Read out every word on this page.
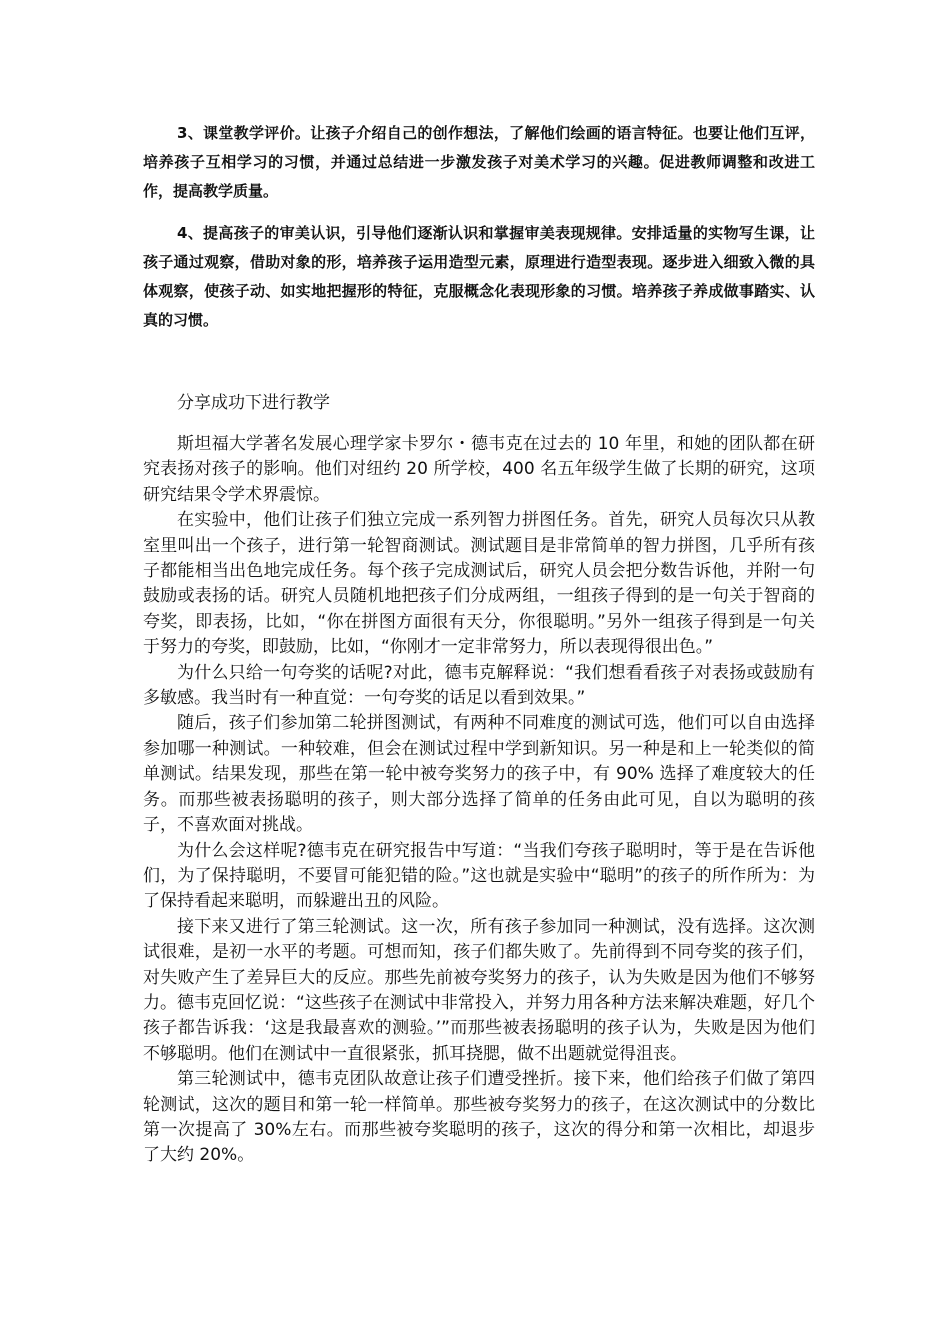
3、课堂教学评价。让孩子介绍自己的创作想法，了解他们绘画的语言特征。也要让他们互评，培养孩子互相学习的习惯，并通过总结进一步激发孩子对美术学习的兴趣。促进教师调整和改进工作，提高教学质量。
4、提高孩子的审美认识，引导他们逐渐认识和掌握审美表现规律。安排适量的实物写生课，让孩子通过观察，借助对象的形，培养孩子运用造型元素，原理进行造型表现。逐步进入细致入微的具体观察，使孩子动、如实地把握形的特征，克服概念化表现形象的习惯。培养孩子养成做事踏实、认真的习惯。
分享成功下进行教学

斯坦福大学著名发展心理学家卡罗尔・德韦克在过去的 10 年里，和她的团队都在研究表扬对孩子的影响。他们对纽约 20 所学校，400 名五年级学生做了长期的研究，这项研究结果令学术界震惊。

在实验中，他们让孩子们独立完成一系列智力拼图任务。首先，研究人员每次只从教室里叫出一个孩子，进行第一轮智商测试。测试题目是非常简单的智力拼图，几乎所有孩子都能相当出色地完成任务。每个孩子完成测试后，研究人员会把分数告诉他，并附一句鼓励或表扬的话。研究人员随机地把孩子们分成两组，一组孩子得到的是一句关于智商的夸奖，即表扬，比如，“你在拼图方面很有天分，你很聪明。”另外一组孩子得到是一句关于努力的夸奖，即鼓励，比如，“你刚才一定非常努力，所以表现得很出色。”

为什么只给一句夸奖的话呢?对此，德韦克解释说：“我们想看看孩子对表扬或鼓励有多敏感。我当时有一种直觉：一句夸奖的话足以看到效果。”

随后，孩子们参加第二轮拼图测试，有两种不同难度的测试可选，他们可以自由选择参加哪一种测试。一种较难，但会在测试过程中学到新知识。另一种是和上一轮类似的简单测试。结果发现，那些在第一轮中被夸奖努力的孩子中，有 90% 选择了难度较大的任务。而那些被表扬聪明的孩子，则大部分选择了简单的任务由此可见，自以为聪明的孩子，不喜欢面对挑战。

为什么会这样呢?德韦克在研究报告中写道：“当我们夸孩子聪明时，等于是在告诉他们，为了保持聪明，不要冒可能犯错的险。”这也就是实验中“聪明”的孩子的所作所为：为了保持看起来聪明，而躲避出丑的风险。

接下来又进行了第三轮测试。这一次，所有孩子参加同一种测试，没有选择。这次测试很难，是初一水平的考题。可想而知，孩子们都失败了。先前得到不同夸奖的孩子们，对失败产生了差异巨大的反应。那些先前被夸奖努力的孩子，认为失败是因为他们不够努力。德韦克回忆说：“这些孩子在测试中非常投入，并努力用各种方法来解决难题，好几个孩子都告诉我：‘这是我最喜欢的测验。’”而那些被表扬聪明的孩子认为，失败是因为他们不够聪明。他们在测试中一直很紧张，抓耳挠腮，做不出题就觉得沮丧。

第三轮测试中，德韦克团队故意让孩子们遭受挫折。接下来，他们给孩子们做了第四轮测试，这次的题目和第一轮一样简单。那些被夸奖努力的孩子，在这次测试中的分数比第一次提高了 30%左右。而那些被夸奖聪明的孩子，这次的得分和第一次相比，却退步了大约 20%。
